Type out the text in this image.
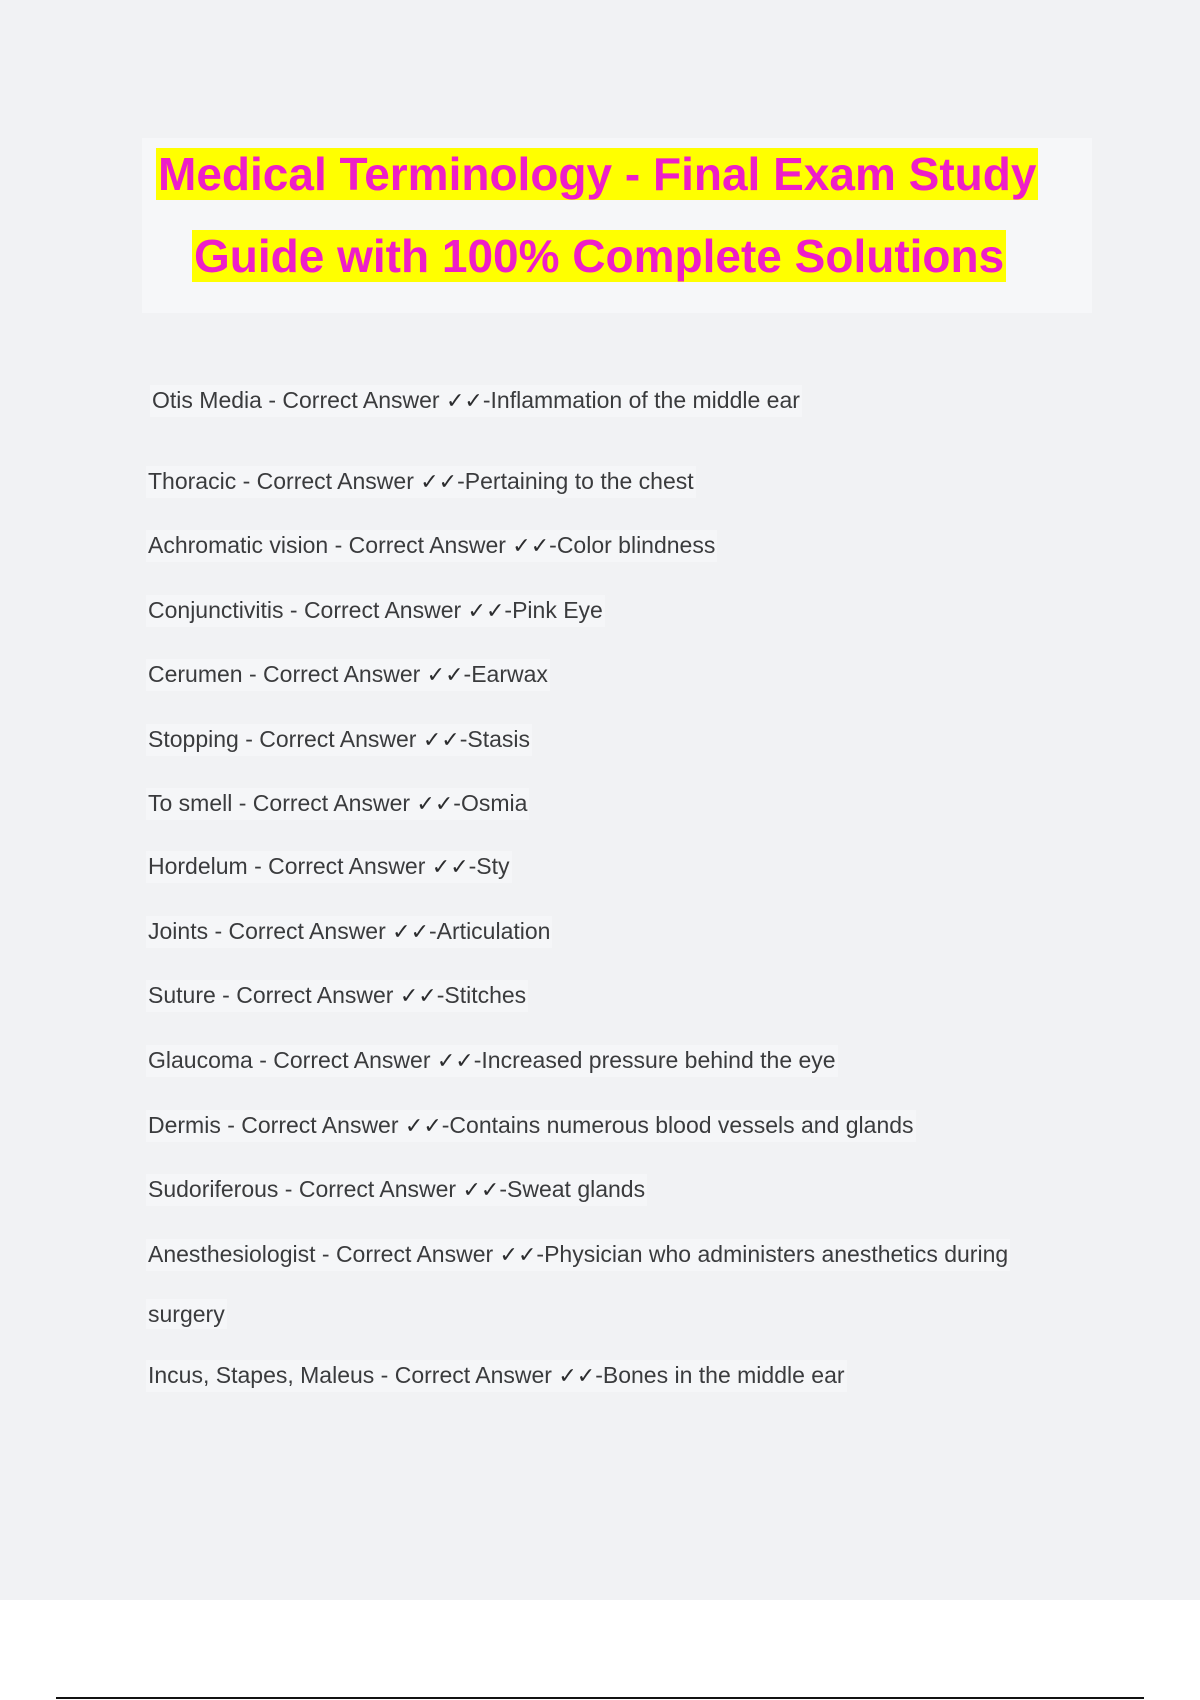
Medical Terminology - Final Exam Study
Guide with 100% Complete Solutions
Otis Media - Correct Answer ✓✓-Inflammation of the middle ear
Thoracic - Correct Answer ✓✓-Pertaining to the chest
Achromatic vision - Correct Answer ✓✓-Color blindness
Conjunctivitis - Correct Answer ✓✓-Pink Eye
Cerumen - Correct Answer ✓✓-Earwax
Stopping - Correct Answer ✓✓-Stasis
To smell - Correct Answer ✓✓-Osmia
Hordelum - Correct Answer ✓✓-Sty
Joints - Correct Answer ✓✓-Articulation
Suture - Correct Answer ✓✓-Stitches
Glaucoma - Correct Answer ✓✓-Increased pressure behind the eye
Dermis - Correct Answer ✓✓-Contains numerous blood vessels and glands
Sudoriferous - Correct Answer ✓✓-Sweat glands
Anesthesiologist - Correct Answer ✓✓-Physician who administers anesthetics during
surgery
Incus, Stapes, Maleus - Correct Answer ✓✓-Bones in the middle ear
